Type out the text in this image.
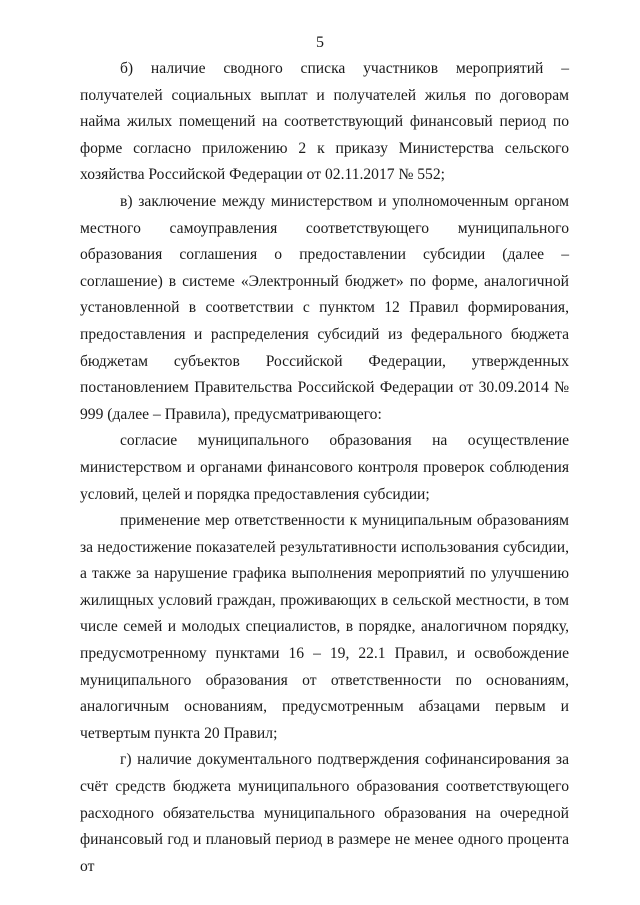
5

б) наличие сводного списка участников мероприятий – получателей социальных выплат и получателей жилья по договорам найма жилых помещений на соответствующий финансовый период по форме согласно приложению 2 к приказу Министерства сельского хозяйства Российской Федерации от 02.11.2017 № 552;

в) заключение между министерством и уполномоченным органом местного самоуправления соответствующего муниципального образования соглашения о предоставлении субсидии (далее – соглашение) в системе «Электронный бюджет» по форме, аналогичной установленной в соответствии с пунктом 12 Правил формирования, предоставления и распределения субсидий из федерального бюджета бюджетам субъектов Российской Федерации, утвержденных постановлением Правительства Российской Федерации от 30.09.2014 № 999 (далее – Правила), предусматривающего:

согласие муниципального образования на осуществление министерством и органами финансового контроля проверок соблюдения условий, целей и порядка предоставления субсидии;

применение мер ответственности к муниципальным образованиям за недостижение показателей результативности использования субсидии, а также за нарушение графика выполнения мероприятий по улучшению жилищных условий граждан, проживающих в сельской местности, в том числе семей и молодых специалистов, в порядке, аналогичном порядку, предусмотренному пунктами 16 – 19, 22.1 Правил, и освобождение муниципального образования от ответственности по основаниям, аналогичным основаниям, предусмотренным абзацами первым и четвертым пункта 20 Правил;

г) наличие документального подтверждения софинансирования за счёт средств бюджета муниципального образования соответствующего расходного обязательства муниципального образования на очередной финансовый год и плановый период в размере не менее одного процента от
